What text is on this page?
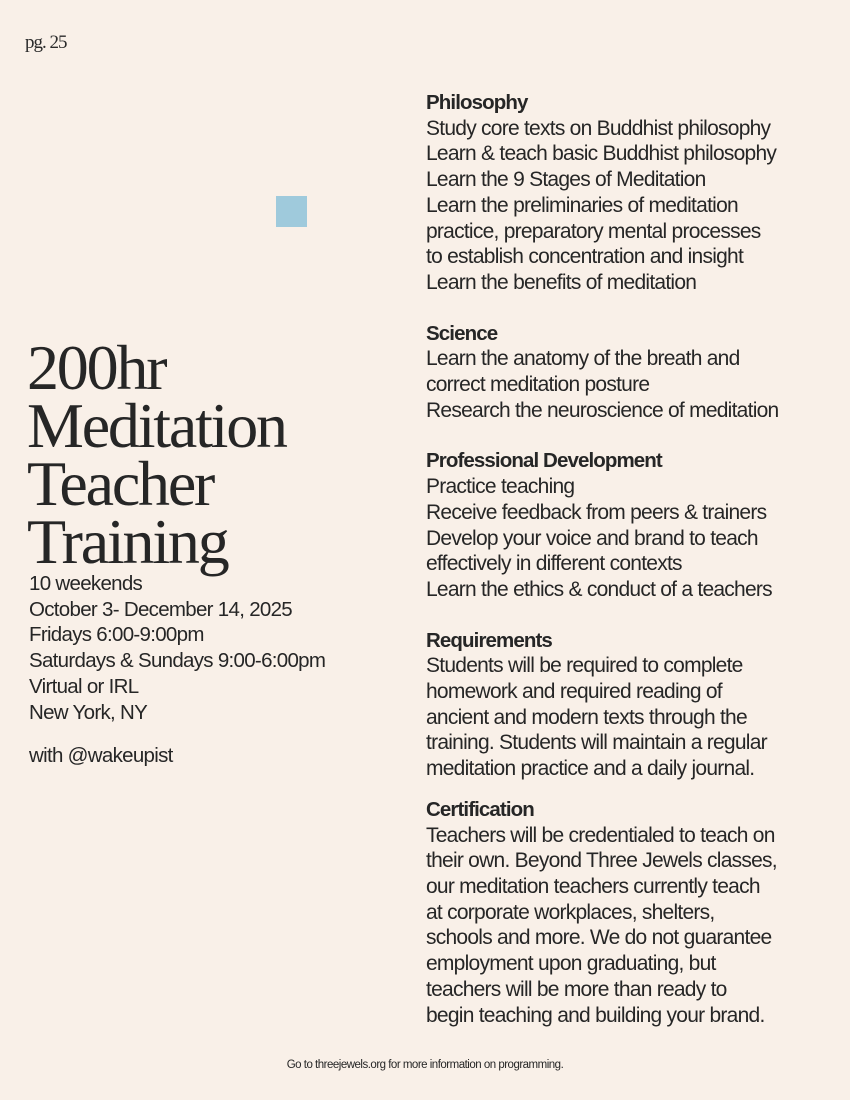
pg. 25
200hr
Meditation
Teacher
Training
10 weekends
October 3- December 14, 2025
Fridays 6:00-9:00pm
Saturdays & Sundays 9:00-6:00pm
Virtual or IRL
New York, NY
with @wakeupist
Philosophy
Study core texts on Buddhist philosophy
Learn & teach basic Buddhist philosophy
Learn the 9 Stages of Meditation
Learn the preliminaries of meditation
practice, preparatory mental processes
to establish concentration and insight
Learn the benefits of meditation
Science
Learn the anatomy of the breath and
correct meditation posture
Research the neuroscience of meditation
Professional Development
Practice teaching
Receive feedback from peers & trainers
Develop your voice and brand to teach
effectively in different contexts
Learn the ethics & conduct of a teachers
Requirements
Students will be required to complete
homework and required reading of
ancient and modern texts through the
training. Students will maintain a regular
meditation practice and a daily journal.
Certification
Teachers will be credentialed to teach on
their own. Beyond Three Jewels classes,
our meditation teachers currently teach
at corporate workplaces, shelters,
schools and more. We do not guarantee
employment upon graduating, but
teachers will be more than ready to
begin teaching and building your brand.
Go to threejewels.org for more information on programming.
